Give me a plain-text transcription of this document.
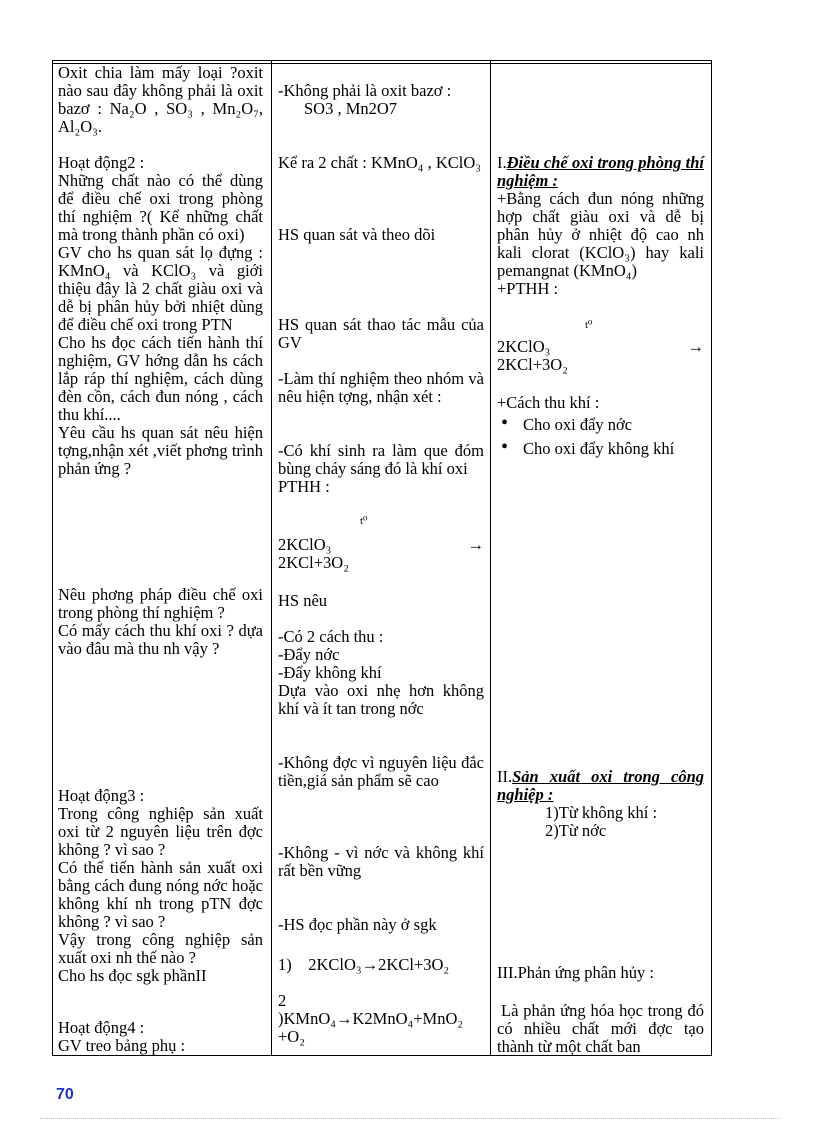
Oxit chia làm mấy loại ?oxit nào sau đây không phải là oxit bazơ : Na₂O , SO₃ , Mn₂O₇, Al₂O₃.

Hoạt động2 :

Những chất nào có thể dùng để điều chế oxi trong phòng thí nghiệm ?( Kể những chất mà trong thành phần có oxi)

GV cho hs quan sát lọ đựng : KMnO₄ và KClO₃ và giới thiệu đây là 2 chất giàu oxi và dễ bị phân hủy bởi nhiệt dùng để điều chế oxi trong PTN

Cho hs đọc cách tiến hành thí nghiệm, GV hớng dẫn hs cách lắp ráp thí nghiệm, cách dùng đèn cồn, cách đun nóng , cách thu khí....

Yêu cầu hs quan sát nêu hiện tợng,nhận xét ,viết phơng trình phản ứng ?

Nêu phơng pháp điều chế oxi trong phòng thí nghiệm ?

Có mấy cách thu khí oxi ? dựa vào đâu mà thu nh vậy ?

Hoạt động3 :

Trong công nghiệp sản xuất oxi từ 2 nguyên liệu trên đợc không ? vì sao ?

Có thể tiến hành sản xuất oxi bằng cách đung nóng nớc hoặc không khí nh trong pTN đợc không ? vì sao ?

Vậy trong công nghiệp sản xuất oxi nh thế nào ?

Cho hs đọc sgk phầnII

Hoạt động4 :

GV treo bảng phụ :

-Không phải là oxit bazơ :

SO3 , Mn2O7

Kể ra 2 chất : KMnO₄ , KClO₃

HS quan sát và theo dõi

HS quan sát thao tác mẫu của GV

-Làm thí nghiệm theo nhóm và nêu hiện tợng, nhận xét :

-Có khí sinh ra làm que đóm bùng cháy sáng đó là khí oxi

PTHH :

t⁰
2KClO₃	→

2KCl+3O₂

HS nêu

-Có 2 cách thu :

-Đẩy nớc

-Đẩy không khí

Dựa vào oxi nhẹ hơn không khí và ít tan trong nớc

-Không đợc vì nguyên liệu đắc tiền,giá sản phẩm sẽ cao

-Không - vì nớc và không khí rất bền vững

-HS đọc phần này ở sgk

1) 2KClO₃→2KCl+3O₂

2

)KMnO₄→K2MnO₄+MnO₂ +O₂

I.Điều chế oxi trong phòng thí nghiệm :

+Bằng cách đun nóng những hợp chất giàu oxi và dễ bị phân hủy ở nhiệt độ cao nh kali clorat (KClO₃) hay kali pemangnat (KMnO₄)

+PTHH :

t⁰
2KClO₃	→

2KCl+3O₂

+Cách thu khí :

• Cho oxi đẩy nớc
• Cho oxi đẩy không khí

II.Sản xuất oxi trong công nghiệp :

1)Từ không khí :

2)Từ nớc

III.Phản ứng phân hủy :

Là phản ứng hóa học trong đó có nhiều chất mới đợc tạo thành từ một chất ban

70
